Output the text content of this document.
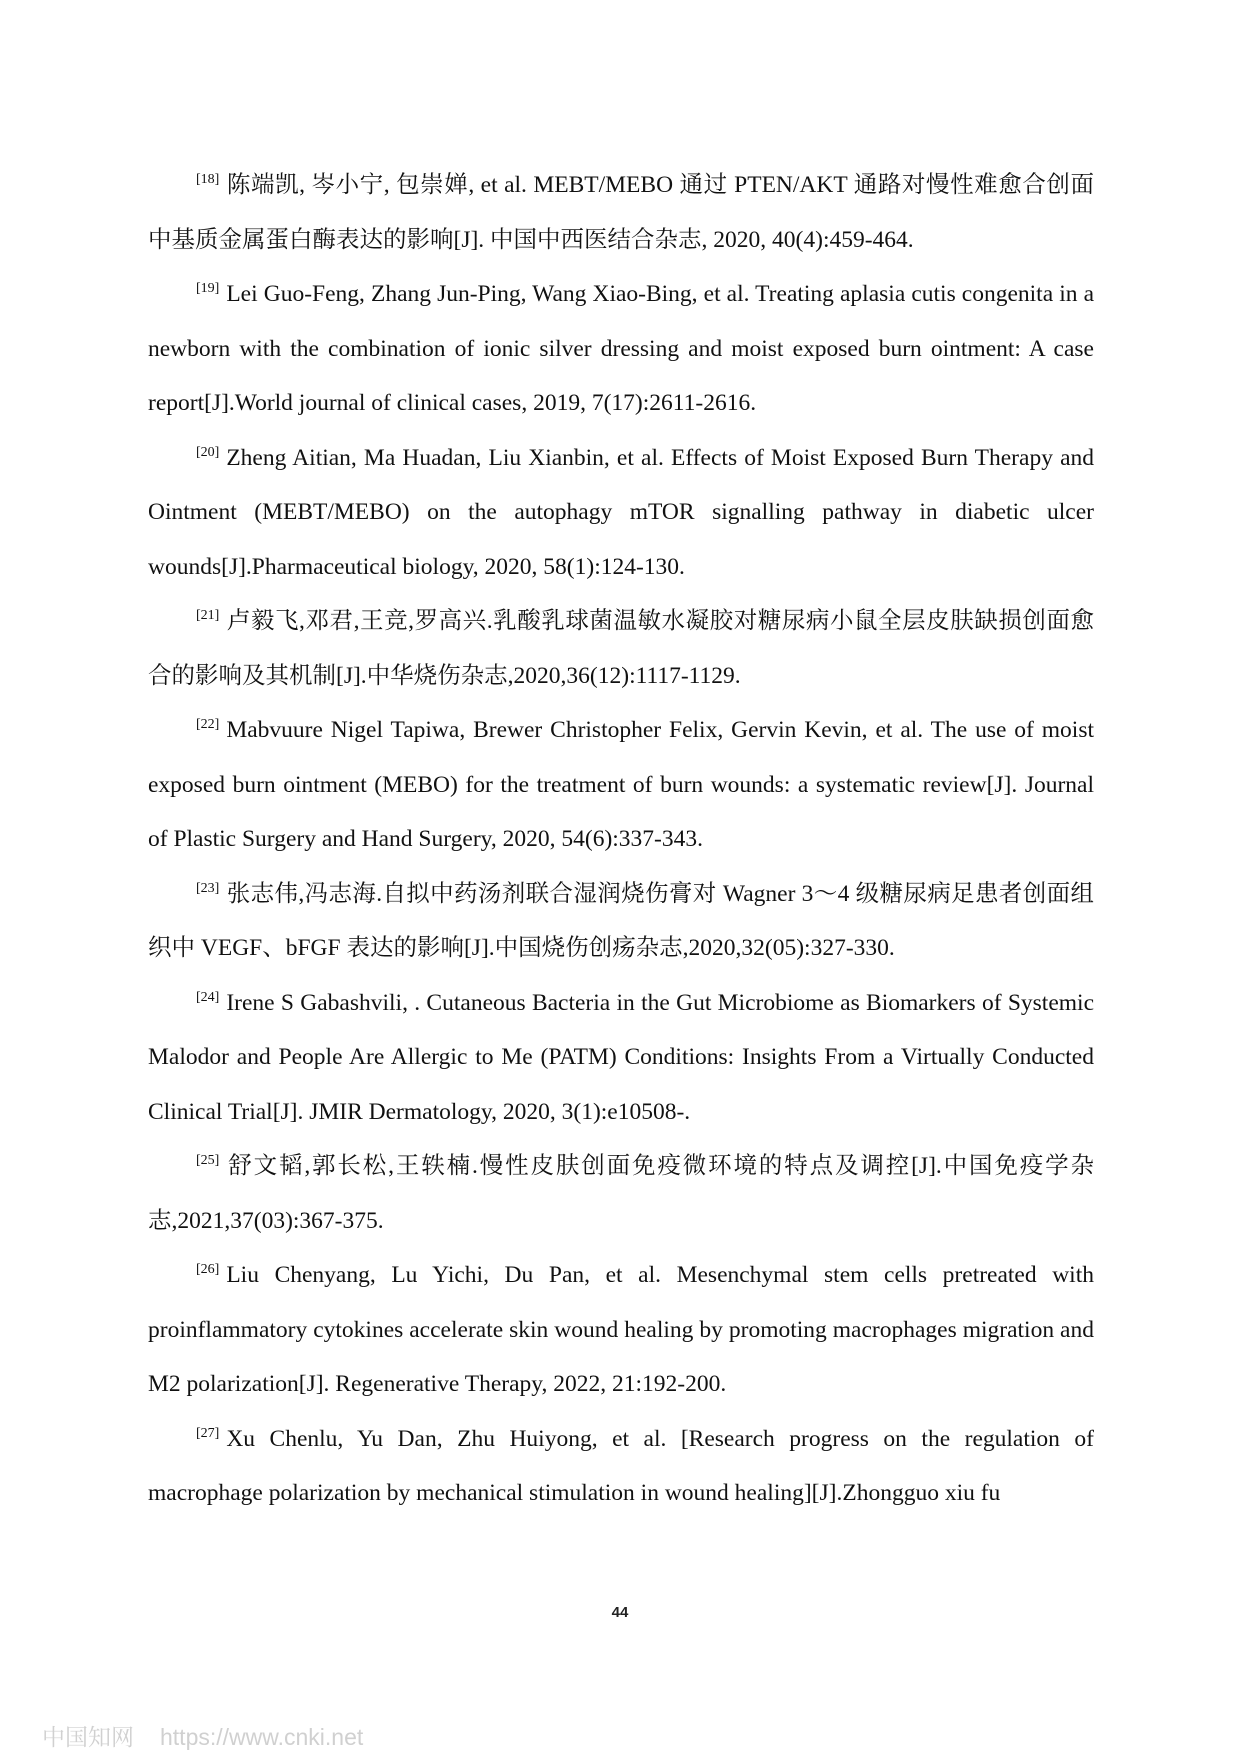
[18] 陈端凯, 岑小宁, 包崇婵, et al. MEBT/MEBO 通过 PTEN/AKT 通路对慢性难愈合创面中基质金属蛋白酶表达的影响[J]. 中国中西医结合杂志, 2020, 40(4):459-464.

[19] Lei Guo-Feng, Zhang Jun-Ping, Wang Xiao-Bing, et al. Treating aplasia cutis congenita in a newborn with the combination of ionic silver dressing and moist exposed burn ointment: A case report[J].World journal of clinical cases, 2019, 7(17):2611-2616.

[20] Zheng Aitian, Ma Huadan, Liu Xianbin, et al. Effects of Moist Exposed Burn Therapy and Ointment (MEBT/MEBO) on the autophagy mTOR signalling pathway in diabetic ulcer wounds[J].Pharmaceutical biology, 2020, 58(1):124-130.

[21] 卢毅飞,邓君,王竞,罗高兴.乳酸乳球菌温敏水凝胶对糖尿病小鼠全层皮肤缺损创面愈合的影响及其机制[J].中华烧伤杂志,2020,36(12):1117-1129.

[22] Mabvuure Nigel Tapiwa, Brewer Christopher Felix, Gervin Kevin, et al. The use of moist exposed burn ointment (MEBO) for the treatment of burn wounds: a systematic review[J]. Journal of Plastic Surgery and Hand Surgery, 2020, 54(6):337-343.

[23] 张志伟,冯志海.自拟中药汤剂联合湿润烧伤膏对 Wagner 3～4 级糖尿病足患者创面组织中 VEGF、bFGF 表达的影响[J].中国烧伤创疡杂志,2020,32(05):327-330.

[24] Irene S Gabashvili, . Cutaneous Bacteria in the Gut Microbiome as Biomarkers of Systemic Malodor and People Are Allergic to Me (PATM) Conditions: Insights From a Virtually Conducted Clinical Trial[J]. JMIR Dermatology, 2020, 3(1):e10508-.

[25] 舒文韬,郭长松,王轶楠.慢性皮肤创面免疫微环境的特点及调控[J].中国免疫学杂志,2021,37(03):367-375.

[26] Liu Chenyang, Lu Yichi, Du Pan, et al. Mesenchymal stem cells pretreated with proinflammatory cytokines accelerate skin wound healing by promoting macrophages migration and M2 polarization[J]. Regenerative Therapy, 2022, 21:192-200.

[27] Xu Chenlu, Yu Dan, Zhu Huiyong, et al. [Research progress on the regulation of macrophage polarization by mechanical stimulation in wound healing][J].Zhongguo xiu fu

44
中国知网 https://www.cnki.net
